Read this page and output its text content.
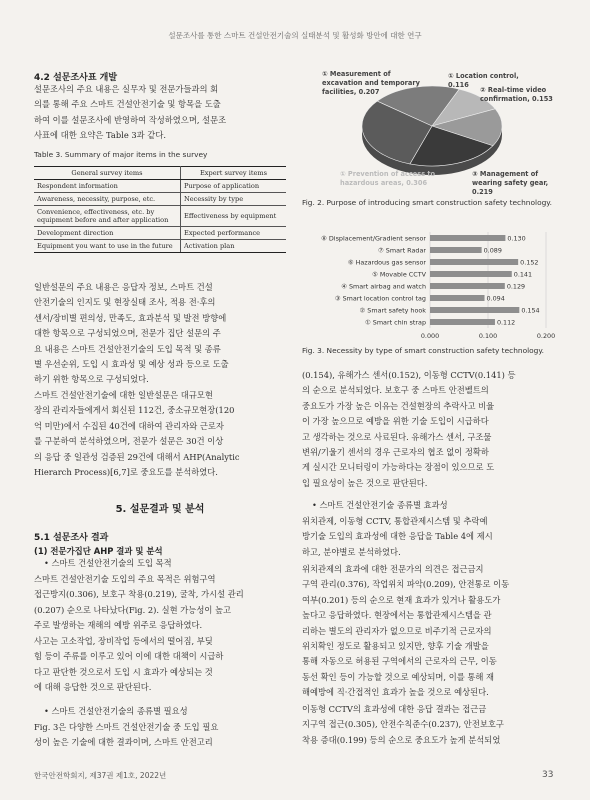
설문조사를 통한 스마트 건설안전기술의 실태분석 및 활성화 방안에 대한 연구
4.2 설문조사표 개발
설문조사의 주요 내용은 실무자 및 전문가들과의 회
의를 통해 주요 스마트 건설안전기술 및 항목을 도출
하여 이를 설문조사에 반영하여 작성하였으며, 설문조
사표에 대한 요약은 Table 3과 같다.
Table 3. Summary of major items in the survey
General survey items	Expert survey items
Respondent information	Purpose of application
Awareness, necessity, purpose, etc.	Necessity by type
Convenience, effectiveness, etc. by equipment before and after application	Effectiveness by equipment
Development direction	Expected performance
Equipment you want to use in the future	Activation plan
일반설문의 주요 내용은 응답자 정보, 스마트 건설
안전기술의 인지도 및 현장실태 조사, 적용 전·후의
센서/장비별 편의성, 만족도, 효과분석 및 발전 방향에
대한 항목으로 구성되었으며, 전문가 집단 설문의 주
요 내용은 스마트 건설안전기술의 도입 목적 및 종류
별 우선순위, 도입 시 효과성 및 예상 성과 등으로 도출
하기 위한 항목으로 구성되었다.
스마트 건설안전기술에 대한 일반설문은 대규모현
장의 관리자들에게서 회신된 112건, 중소규모현장(120
억 미만)에서 수집된 40건에 대하여 관리자와 근로자
를 구분하여 분석하였으며, 전문가 설문은 30건 이상
의 응답 중 일관성 검증된 29건에 대해서 AHP(Analytic
Hierarch Process)[6,7]로 중요도를 분석하였다.
5. 설문결과 및 분석
5.1 설문조사 결과
(1) 전문가집단 AHP 결과 및 분석
• 스마트 건설안전기술의 도입 목적
스마트 건설안전기술 도입의 주요 목적은 위험구역
접근방지(0.306), 보호구 착용(0.219), 굴착, 가시설 관리
(0.207) 순으로 나타났다(Fig. 2). 실현 가능성이 높고
주로 발생하는 재해의 예방 위주로 응답하였다.
사고는 고소작업, 장비작업 등에서의 떨어짐, 부딪
힘 등이 주류를 이루고 있어 이에 대한 대책이 시급하
다고 판단한 것으로서 도입 시 효과가 예상되는 것
에 대해 응답한 것으로 판단된다.
• 스마트 건설안전기술의 종류별 필요성
Fig. 3은 다양한 스마트 건설안전기술 중 도입 필요
성이 높은 기술에 대한 결과이며, 스마트 안전고리
① Measurement of
excavation and temporary
facilities, 0.207
① Location control,
0.116
② Real-time video
confirmation, 0.153
① Prevention of access to
hazardous areas, 0.306
③ Management of
wearing safety gear, 0.219
Fig. 2. Purpose of introducing smart construction safety technology.
0.000	0.100	0.200
⑧ Displacement/Gradient sensor	0.130
⑦ Smart Radar	0.089
⑥ Hazardous gas sensor	0.152
⑤ Movable CCTV	0.141
④ Smart airbag and watch	0.129
③ Smart location control tag	0.094
② Smart safety hook	0.154
① Smart chin strap	0.112
Fig. 3. Necessity by type of smart construction safety technology.
(0.154), 유해가스 센서(0.152), 이동형 CCTV(0.141) 등
의 순으로 분석되었다. 보호구 중 스마트 안전벨트의
중요도가 가장 높은 이유는 건설현장의 추락사고 비율
이 가장 높으므로 예방을 위한 기술 도입이 시급하다
고 생각하는 것으로 사료된다. 유해가스 센서, 구조물
변위/기울기 센서의 경우 근로자의 협조 없이 정확하
게 실시간 모니터링이 가능하다는 장점이 있으므로 도
입 필요성이 높은 것으로 판단된다.
• 스마트 건설안전기술 종류별 효과성
위치관제, 이동형 CCTV, 통합관제시스템 및 추락예
방기술 도입의 효과성에 대한 응답을 Table 4에 제시
하고, 분야별로 분석하였다.
위치관제의 효과에 대한 전문가의 의견은 접근금지
구역 관리(0.376), 작업위치 파악(0.209), 안전통로 이동
여부(0.201) 등의 순으로 현재 효과가 있거나 활용도가
높다고 응답하였다. 현장에서는 통합관제시스템을 관
리하는 별도의 관리자가 없으므로 비주기적 근로자의
위치확인 정도로 활용되고 있지만, 향후 기술 개발을
통해 자동으로 허용된 구역에서의 근로자의 근무, 이동
동선 확인 등이 가능할 것으로 예상되며, 이를 통해 재
해예방에 직·간접적인 효과가 높을 것으로 예상된다.
이동형 CCTV의 효과성에 대한 응답 결과는 접근금
지구역 접근(0.305), 안전수칙준수(0.237), 안전보호구
착용 증대(0.199) 등의 순으로 중요도가 높게 분석되었
한국안전학회지, 제37권 제1호, 2022년	33
